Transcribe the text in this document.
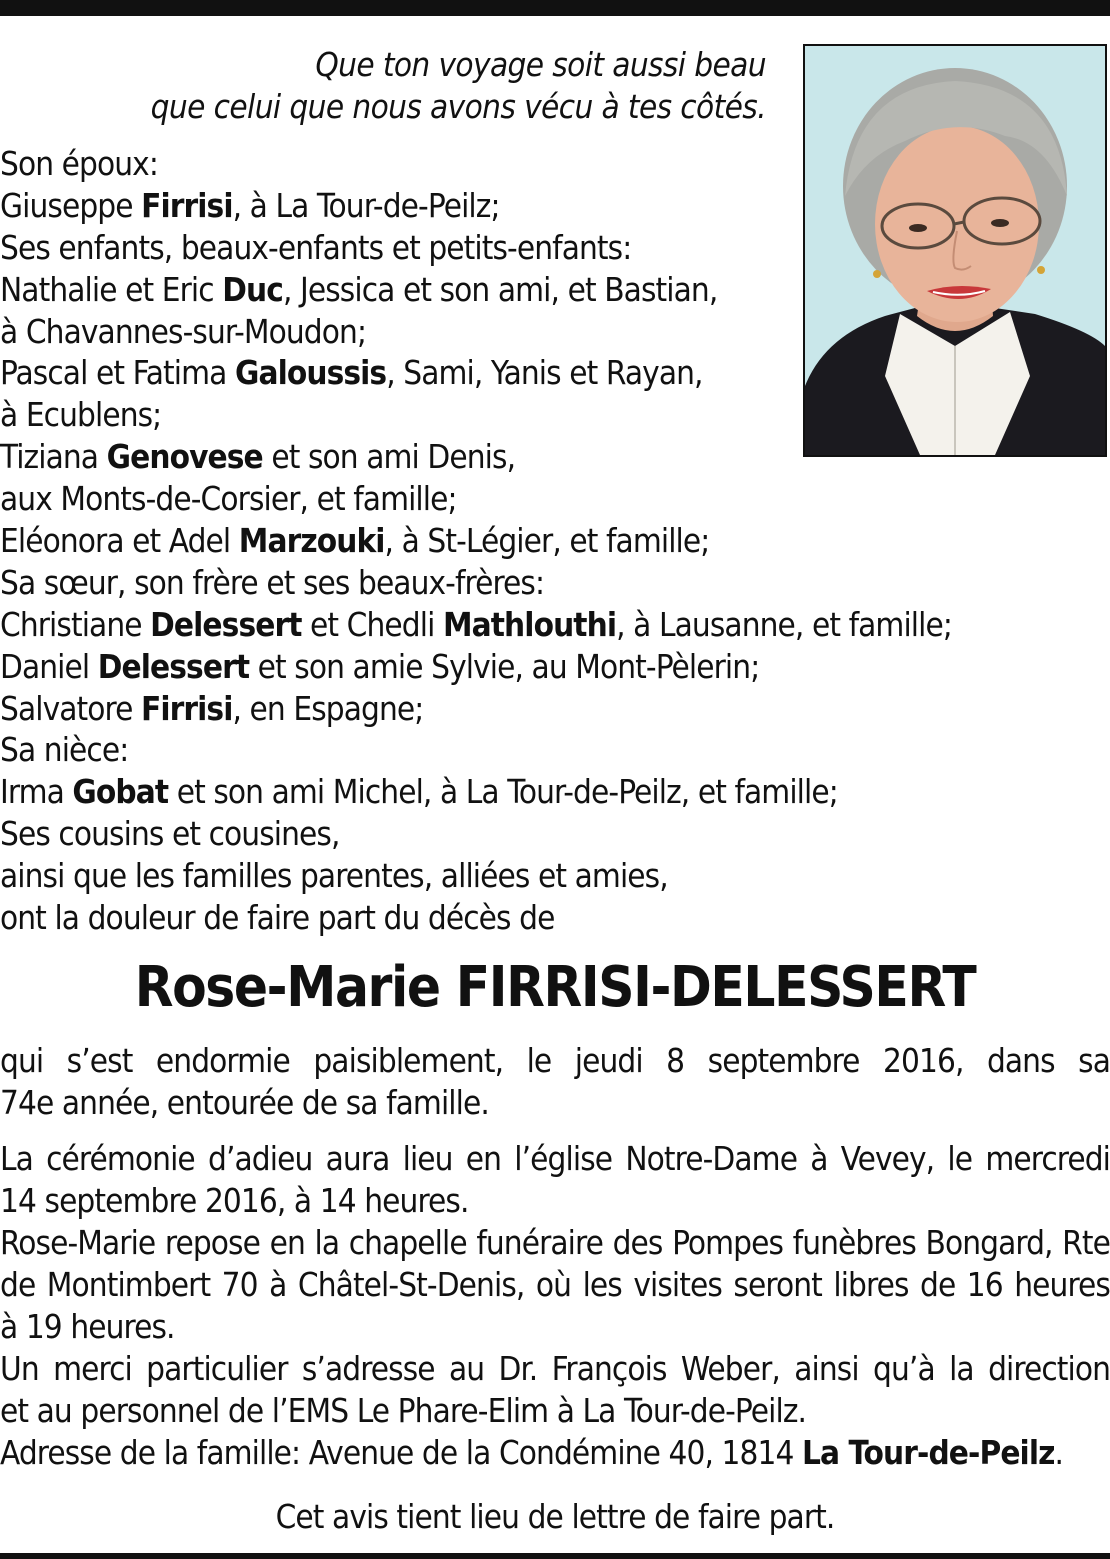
Que ton voyage soit aussi beau
que celui que nous avons vécu à tes côtés.
Son époux:
Giuseppe Firrisi, à La Tour-de-Peilz;
Ses enfants, beaux-enfants et petits-enfants:
Nathalie et Eric Duc, Jessica et son ami, et Bastian,
à Chavannes-sur-Moudon;
Pascal et Fatima Galoussis, Sami, Yanis et Rayan,
à Ecublens;
Tiziana Genovese et son ami Denis,
aux Monts-de-Corsier, et famille;
Eléonora et Adel Marzouki, à St-Légier, et famille;
Sa sœur, son frère et ses beaux-frères:
Christiane Delessert et Chedli Mathlouthi, à Lausanne, et famille;
Daniel Delessert et son amie Sylvie, au Mont-Pèlerin;
Salvatore Firrisi, en Espagne;
Sa nièce:
Irma Gobat et son ami Michel, à La Tour-de-Peilz, et famille;
Ses cousins et cousines,
ainsi que les familles parentes, alliées et amies,
ont la douleur de faire part du décès de
Rose-Marie FIRRISI-DELESSERT
qui s’est endormie paisiblement, le jeudi 8 septembre 2016, dans sa
74e année, entourée de sa famille.
La cérémonie d’adieu aura lieu en l’église Notre-Dame à Vevey, le mercredi
14 septembre 2016, à 14 heures.
Rose-Marie repose en la chapelle funéraire des Pompes funèbres Bongard, Rte
de Montimbert 70 à Châtel-St-Denis, où les visites seront libres de 16 heures
à 19 heures.
Un merci particulier s’adresse au Dr. François Weber, ainsi qu’à la direction
et au personnel de l’EMS Le Phare-Elim à La Tour-de-Peilz.
Adresse de la famille: Avenue de la Condémine 40, 1814 La Tour-de-Peilz.
Cet avis tient lieu de lettre de faire part.
